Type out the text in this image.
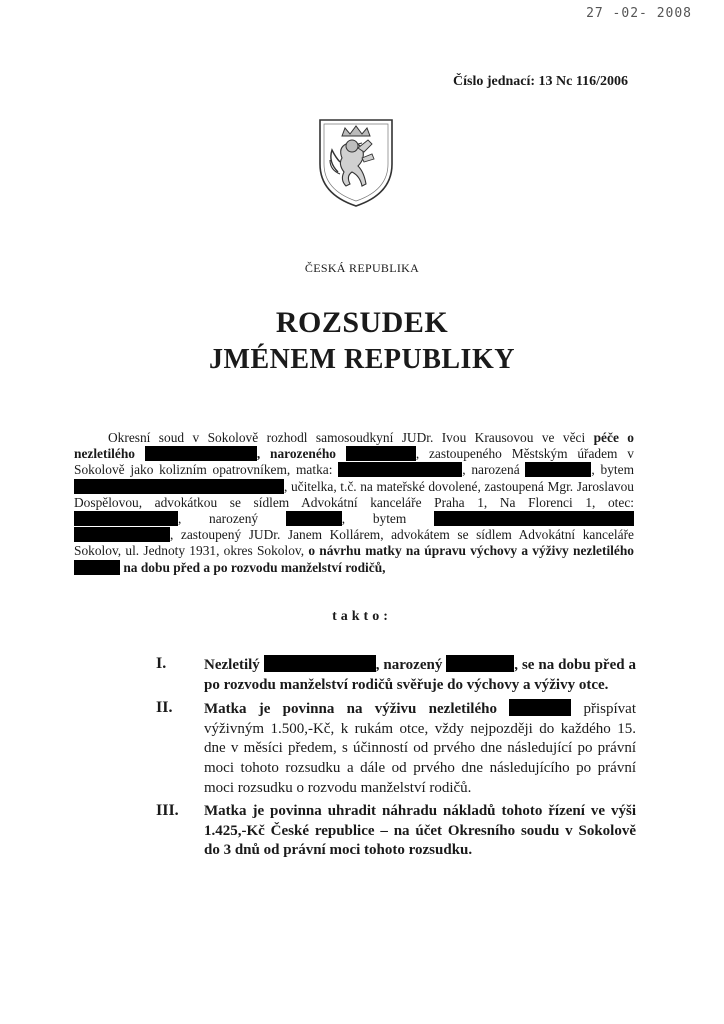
27 -02- 2008
Číslo jednací: 13 Nc 116/2006
ČESKÁ REPUBLIKA
ROZSUDEK
JMÉNEM REPUBLIKY

Okresní soud v Sokolově rozhodl samosoudkyní JUDr. Ivou Krausovou ve věci péče o nezletilého	, narozeného	, zastoupeného Městským úřadem v Sokolově jako kolizním opatrovníkem, matka:	, narozená	, bytem , učitelka, t.č. na mateřské dovolené, zastoupená Mgr. Jaroslavou Dospělovou, advokátkou se sídlem Advokátní kanceláře Praha 1, Na Florenci 1, otec: , narozený	, bytem  , zastoupený JUDr. Janem Kollárem, advokátem se sídlem Advokátní kanceláře Sokolov, ul. Jednoty 1931, okres Sokolov, o návrhu matky na úpravu výchovy a výživy nezletilého  na dobu před a po rozvodu manželství rodičů,

takto:
I.	Nezletilý	, narozený	, se na dobu před a po rozvodu manželství rodičů svěřuje do výchovy a výživy otce.
II.	Matka je povinna na výživu nezletilého	přispívat výživným 1.500,-Kč, k rukám otce, vždy nejpozději do každého 15. dne v měsíci předem, s účinností od prvého dne následující po právní moci tohoto rozsudku a dále od prvého dne následujícího po právní moci rozsudku o rozvodu manželství rodičů.
III.	Matka je povinna uhradit náhradu nákladů tohoto řízení ve výši 1.425,-Kč České republice – na účet Okresního soudu v Sokolově do 3 dnů od právní moci tohoto rozsudku.
